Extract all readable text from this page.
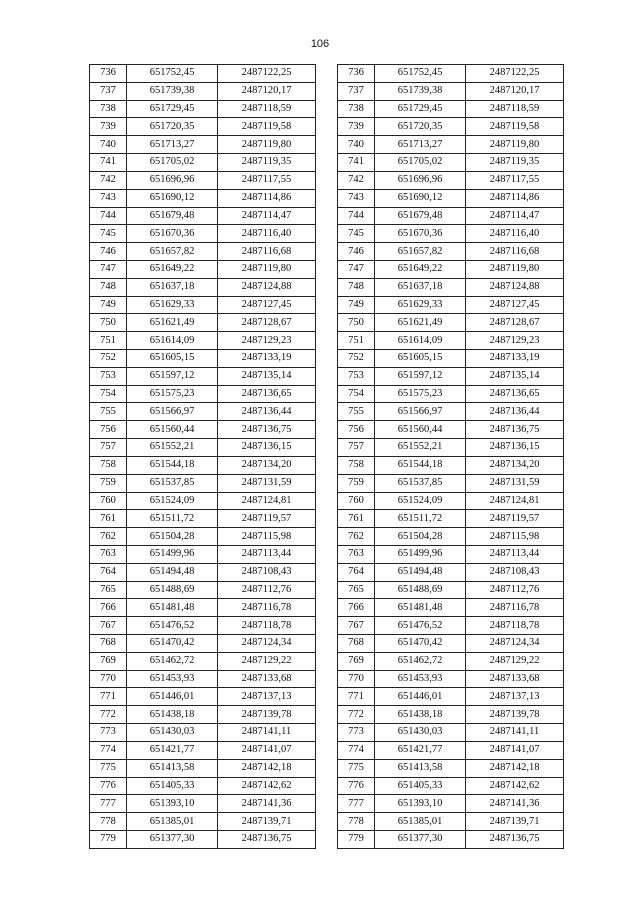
106
736	651752,45	2487122,25
737	651739,38	2487120,17
738	651729,45	2487118,59
739	651720,35	2487119,58
740	651713,27	2487119,80
741	651705,02	2487119,35
742	651696,96	2487117,55
743	651690,12	2487114,86
744	651679,48	2487114,47
745	651670,36	2487116,40
746	651657,82	2487116,68
747	651649,22	2487119,80
748	651637,18	2487124,88
749	651629,33	2487127,45
750	651621,49	2487128,67
751	651614,09	2487129,23
752	651605,15	2487133,19
753	651597,12	2487135,14
754	651575,23	2487136,65
755	651566,97	2487136,44
756	651560,44	2487136,75
757	651552,21	2487136,15
758	651544,18	2487134,20
759	651537,85	2487131,59
760	651524,09	2487124,81
761	651511,72	2487119,57
762	651504,28	2487115,98
763	651499,96	2487113,44
764	651494,48	2487108,43
765	651488,69	2487112,76
766	651481,48	2487116,78
767	651476,52	2487118,78
768	651470,42	2487124,34
769	651462,72	2487129,22
770	651453,93	2487133,68
771	651446,01	2487137,13
772	651438,18	2487139,78
773	651430,03	2487141,11
774	651421,77	2487141,07
775	651413,58	2487142,18
776	651405,33	2487142,62
777	651393,10	2487141,36
778	651385,01	2487139,71
779	651377,30	2487136,75
736	651752,45	2487122,25
737	651739,38	2487120,17
738	651729,45	2487118,59
739	651720,35	2487119,58
740	651713,27	2487119,80
741	651705,02	2487119,35
742	651696,96	2487117,55
743	651690,12	2487114,86
744	651679,48	2487114,47
745	651670,36	2487116,40
746	651657,82	2487116,68
747	651649,22	2487119,80
748	651637,18	2487124,88
749	651629,33	2487127,45
750	651621,49	2487128,67
751	651614,09	2487129,23
752	651605,15	2487133,19
753	651597,12	2487135,14
754	651575,23	2487136,65
755	651566,97	2487136,44
756	651560,44	2487136,75
757	651552,21	2487136,15
758	651544,18	2487134,20
759	651537,85	2487131,59
760	651524,09	2487124,81
761	651511,72	2487119,57
762	651504,28	2487115,98
763	651499,96	2487113,44
764	651494,48	2487108,43
765	651488,69	2487112,76
766	651481,48	2487116,78
767	651476,52	2487118,78
768	651470,42	2487124,34
769	651462,72	2487129,22
770	651453,93	2487133,68
771	651446,01	2487137,13
772	651438,18	2487139,78
773	651430,03	2487141,11
774	651421,77	2487141,07
775	651413,58	2487142,18
776	651405,33	2487142,62
777	651393,10	2487141,36
778	651385,01	2487139,71
779	651377,30	2487136,75
